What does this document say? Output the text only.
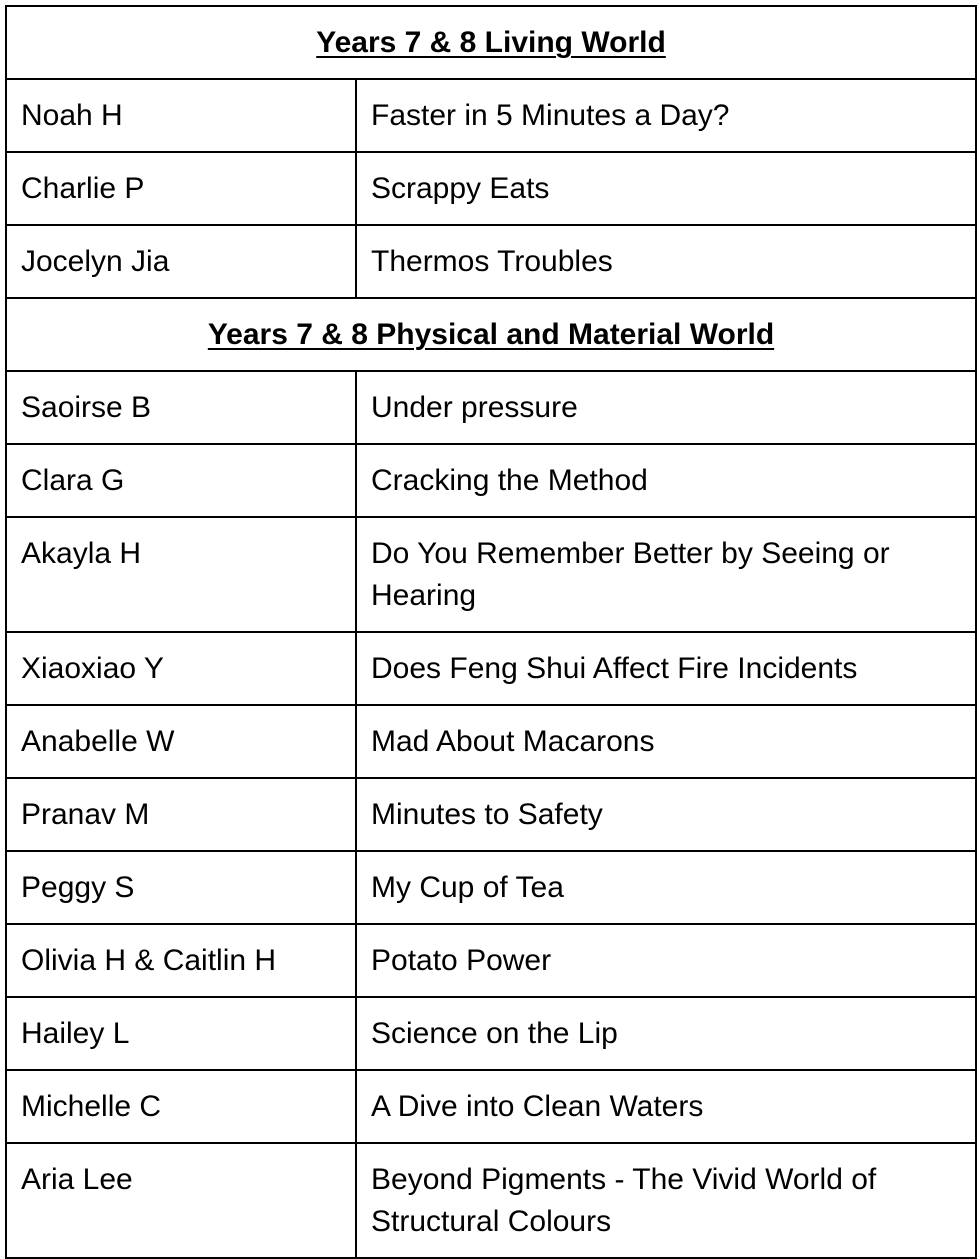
Years 7 & 8 Living World	
Noah H	Faster in 5 Minutes a Day?
Charlie P	Scrappy Eats
Jocelyn Jia	Thermos Troubles
Years 7 & 8 Physical and Material World	
Saoirse B	Under pressure
Clara G	Cracking the Method
Akayla H	Do You Remember Better by Seeing or Hearing
Xiaoxiao Y	Does Feng Shui Affect Fire Incidents
Anabelle W	Mad About Macarons
Pranav M	Minutes to Safety
Peggy S	My Cup of Tea
Olivia H & Caitlin H	Potato Power
Hailey L	Science on the Lip
Michelle C	A Dive into Clean Waters
Aria Lee	Beyond Pigments - The Vivid World of Structural Colours
